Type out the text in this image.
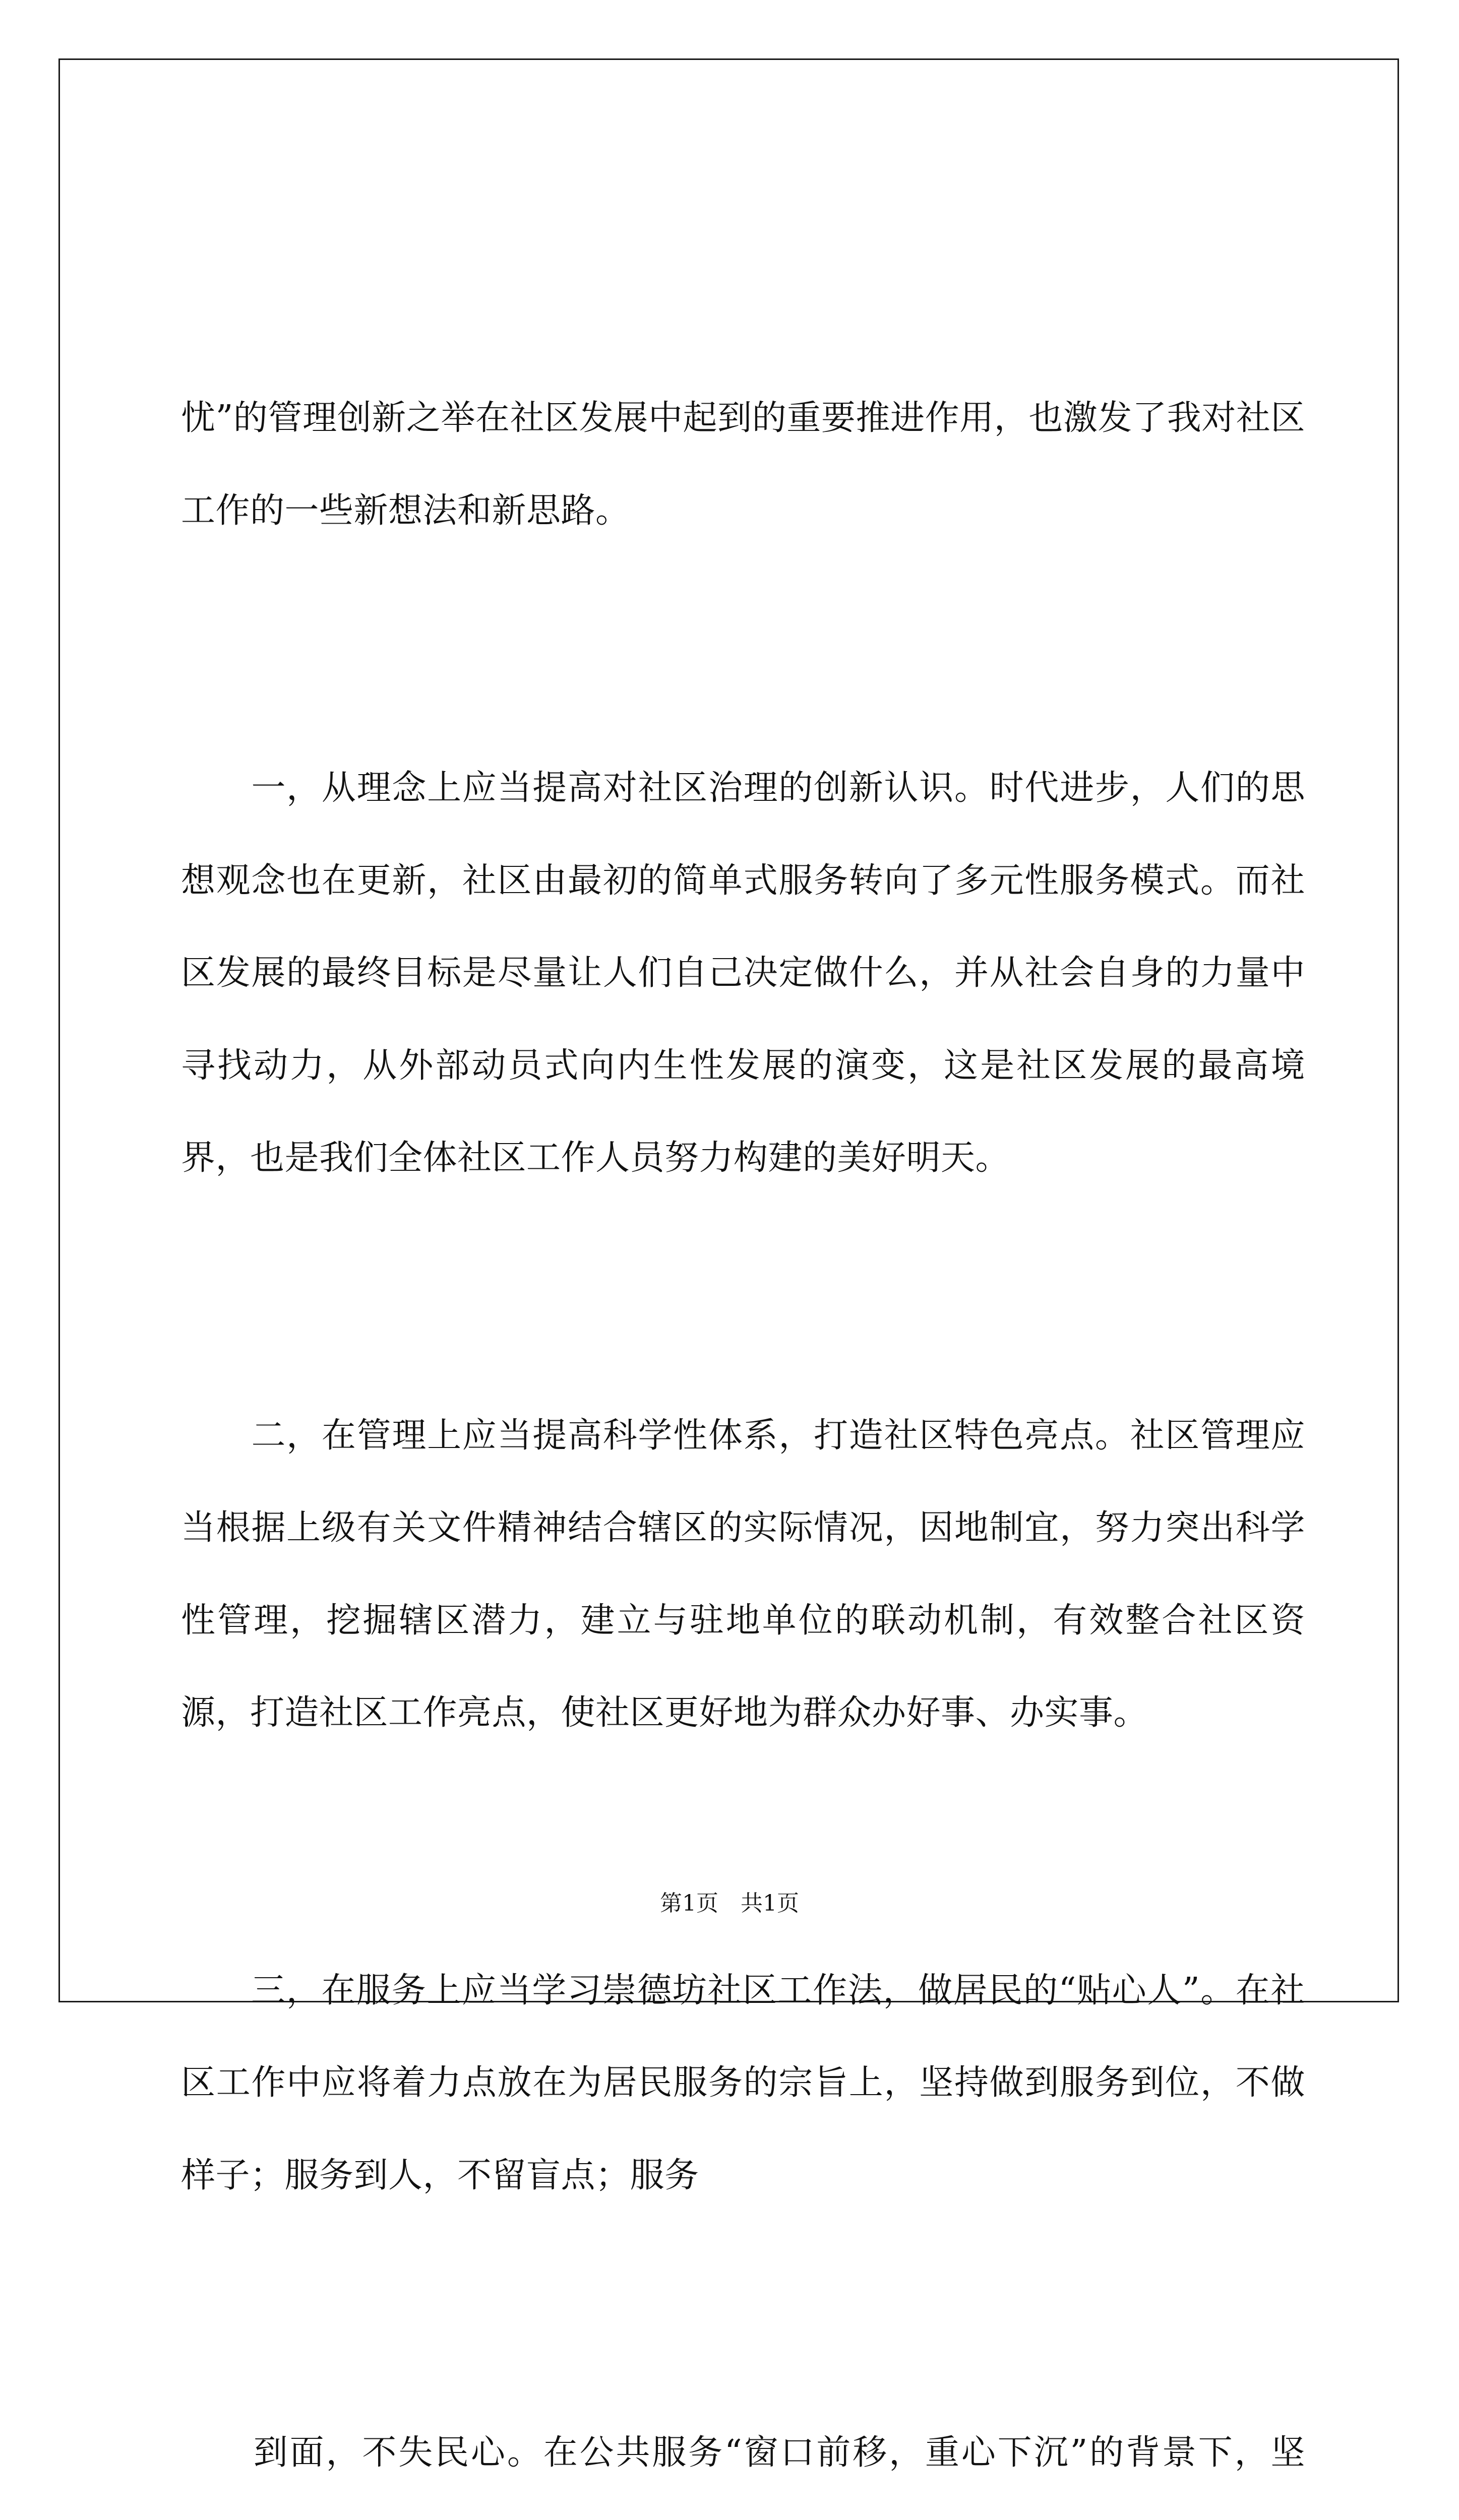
忧”的管理创新之举在社区发展中起到的重要推进作用，也激发了我对社区工作的一些新想法和新思路。

　　一，从理念上应当提高对社区治理的创新认识。时代进步，人们的思想观念也在更新，社区由最初的简单式服务转向了多元性服务模式。而社区发展的最终目标是尽量让人们自己决定做什么，并从社会自身的力量中寻找动力，从外部动员式向内生性发展的演变，这是社区发展的最高境界，也是我们全体社区工作人员努力构建的美好明天。

　　二，在管理上应当提高科学性体系，打造社区特色亮点。社区管理应当根据上级有关文件精神结合辖区的实际情况，因地制宜，努力突出科学性管理，挖掘辖区潜力，建立与驻地单位的联动机制，有效整合社区资源，打造社区工作亮点，使社区更好地为群众办好事、办实事。

　　三，在服务上应当学习崇德坊社区工作法，做居民的“贴心人”。在社区工作中应将着力点放在为居民服务的宗旨上，坚持做到服务到位，不做样子；服务到人，不留盲点；服务

　　到面，不失民心。在公共服务“窗口前移，重心下沉”的背景下，坚

第1页　共1页
